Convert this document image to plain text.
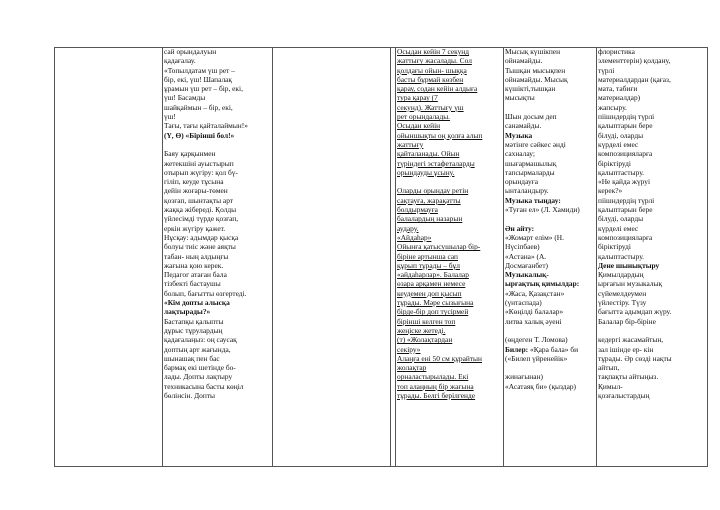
сай орындалуын

қадағалау.

«Топылдатам үш рет –

бір, екі, үш! Шапалақ

ұрамын үш рет – бір, екі,

үш! Басамды

шайқаймын – бір, екі,

үш!

Тағы, тағы қайталаймын!»

(Ү, Ө) «Бірінші бол!»

Баяу қарқынмен

жетекшіні ауыстырып

отырып жүгіру: қол бү-

гіліп, кеуде тұсына

дейін жоғары-төмен

қозғап, шынтақты арт

жаққа жібереді. Қолды

үйлесімді түрде қозғап,

еркін жүгіру қажет.

Нұсқау: адымдар қысқа

болуы тиіс және аяқты

табан- ның алдыңғы

жағына қою керек.

Педагог атаған бала

тізбекті бастаушы

болып, бағытты өзгертеді.

«Кім допты алысқа

лақтырады?»

Бастапқы қалыпты

дұрыс тұрулардың

қадағалаңыз: оң саусақ

доптың арт жағында,

шынашақ пен бас

бармақ екі шетінде бо-

лады. Допты лақтыру

техникасына басты көңіл

бөлінсін. Допты

Осыдан кейін 7 секунд

жаттығу жасалады. Сол

қолдағы ойын- шыққа

басты бұрмай көзбен

қарау, содан кейін алдыға

тура қарау (7

секунд). Жаттығу үш

рет орындалады.

Осыдан кейін

ойыншықты оң қолға алып

жаттығу

қайталанады. Ойын

түріндегі эстафеталарды

орындауды ұсыну.

Оларды орындау ретін

сақтауға, жарақатты

болдырмауға

балалардың назарын

аудару.

«Айдаһар»

Ойынға қатысушылар бір-

біріне артынша сап

құрып тұрады – бұл

«айдаһарлар». Балалар

өзара арқамен немесе

кеудемен доп қысып

тұрады. Мәре сызығына

бірде-бір доп түсірмей

бірінші келген топ

жеңіске жетеді.

(т) «Жолақтардан

секіру»

Алаңға ені 50 см құрайтын

жолақтар

орналастырылады. Екі

топ алаңның бір жағына

тұрады. Белгі берілгенде

Мысық күшікпен

ойнамайды.

Тышқан мысықпен

ойнамайды. Мысық

күшікті,тышқан

мысықты

Шын досым деп

санамайды.

Музыка

мәтінге сәйкес әнді

сахналау;

шығармашылық

тапсырмаларды

орындауға

ынталандыру.

Музыка тыңдау:

«Туған ел» (Л. Хамиди)

Ән айту:

«Жомарт елім» (Н.

Нүсіпбаев)

«Астана» (А.

Досмағанбет)

Музыкалық-

ырғақтық қимылдар:

«Жаса, Қазақстан»

(үнтаспада)

«Көңілді балалар»

литва халық әуені

(өңдеген Т. Ломова)

Билер: «Қара бала» би

(«Билеп үйренейік»

жинағынан)

«Асатаяқ би» (қыздар)

флористика

элементтерін) қолдану,

түрлі

материалдардан (қағаз,

мата, табиғи

материалдар)

жапсыру.

піішндердің түрлі

қалыптарын бере

білуді, оларды

күрделі емес

композицияларға

біріктіруді

қалыптастыру.

«Не қайда жүруі

керек?»

піішндердің түрлі

қалыптарын бере

білуді, оларды

күрделі емес

композицияларға

біріктіруді

қалыптастыру.

Дене шынықтыру

Қимылдардың

ырғағын музыкалық

сүйемелдеумен

үйлестіру. Түзу

бағытта адымдап жүру.

Балалар бір-біріне

кедергі жасамайтын,

зал ішінде ер- кін

тұрады. Әр сөзді нақты

айтып,

тақпақты айтыңыз.

Қимыл-

қозғалыстардың
